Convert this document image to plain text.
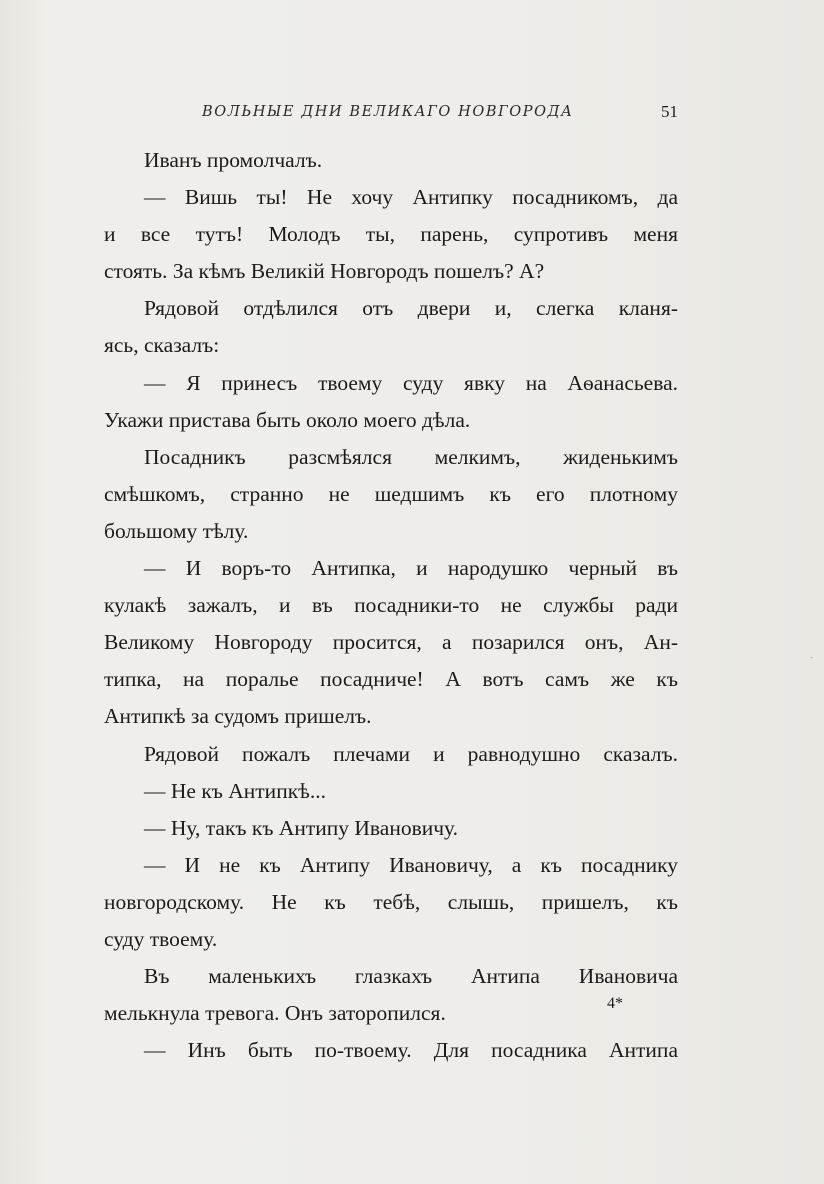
ВОЛЬНЫЕ ДНИ ВЕЛИКАГО НОВГОРОДА	51
Иванъ промолчалъ.
— Вишь ты! Не хочу Антипку посадникомъ, да
и все тутъ! Молодъ ты, парень, супротивъ меня
стоять. За кѣмъ Великiй Новгородъ пошелъ? А?
Рядовой отдѣлился отъ двери и, слегка кланя-
ясь, сказалъ:
— Я принесъ твоему суду явку на Аѳанасьева.
Укажи пристава быть около моего дѣла.
Посадникъ разсмѣялся мелкимъ, жиденькимъ
смѣшкомъ, странно не шедшимъ къ его плотному
большому тѣлу.
— И воръ-то Антипка, и народушко черный въ
кулакѣ зажалъ, и въ посадники-то не службы ради
Великому Новгороду просится, а позарился онъ, Ан-
типка, на поралье посадниче! А вотъ самъ же къ
Антипкѣ за судомъ пришелъ.
Рядовой пожалъ плечами и равнодушно сказалъ.
— Не къ Антипкѣ...
— Ну, такъ къ Антипу Ивановичу.
— И не къ Антипу Ивановичу, а къ посаднику
новгородскому. Не къ тебѣ, слышь, пришелъ, къ
суду твоему.
Въ маленькихъ глазкахъ Антипа Ивановича
мелькнула тревога. Онъ заторопился.
— Инъ быть по-твоему. Для посадника Антипа
4*
ˏ
